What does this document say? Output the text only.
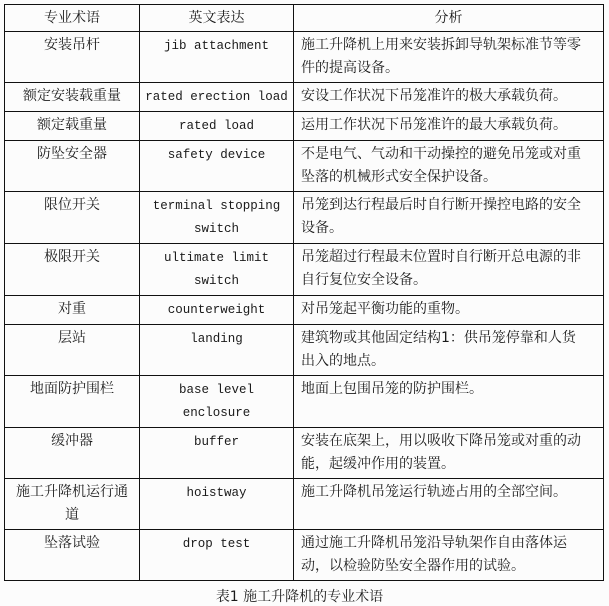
专业术语	英文表达	分析
安装吊杆	jib attachment	施工升降机上用来安装拆卸导轨架标准节等零件的提高设备。
额定安装载重量	rated erection load	安设工作状况下吊笼准许的极大承载负荷。
额定载重量	rated load	运用工作状况下吊笼准许的最大承载负荷。
防坠安全器	safety device	不是电气、气动和干动操控的避免吊笼或对重坠落的机械形式安全保护设备。
限位开关	terminal stopping switch	吊笼到达行程最后时自行断开操控电路的安全设备。
极限开关	ultimate limit switch	吊笼超过行程最末位置时自行断开总电源的非自行复位安全设备。
对重	counterweight	对吊笼起平衡功能的重物。
层站	landing	建筑物或其他固定结构1：供吊笼停靠和人货出入的地点。
地面防护围栏	base level enclosure	地面上包围吊笼的防护围栏。
缓冲器	buffer	安装在底架上，用以吸收下降吊笼或对重的动能，起缓冲作用的装置。
施工升降机运行通道	hoistway	施工升降机吊笼运行轨迹占用的全部空间。
坠落试验	drop test	通过施工升降机吊笼沿导轨架作自由落体运动，以检验防坠安全器作用的试验。
表1 施工升降机的专业术语
